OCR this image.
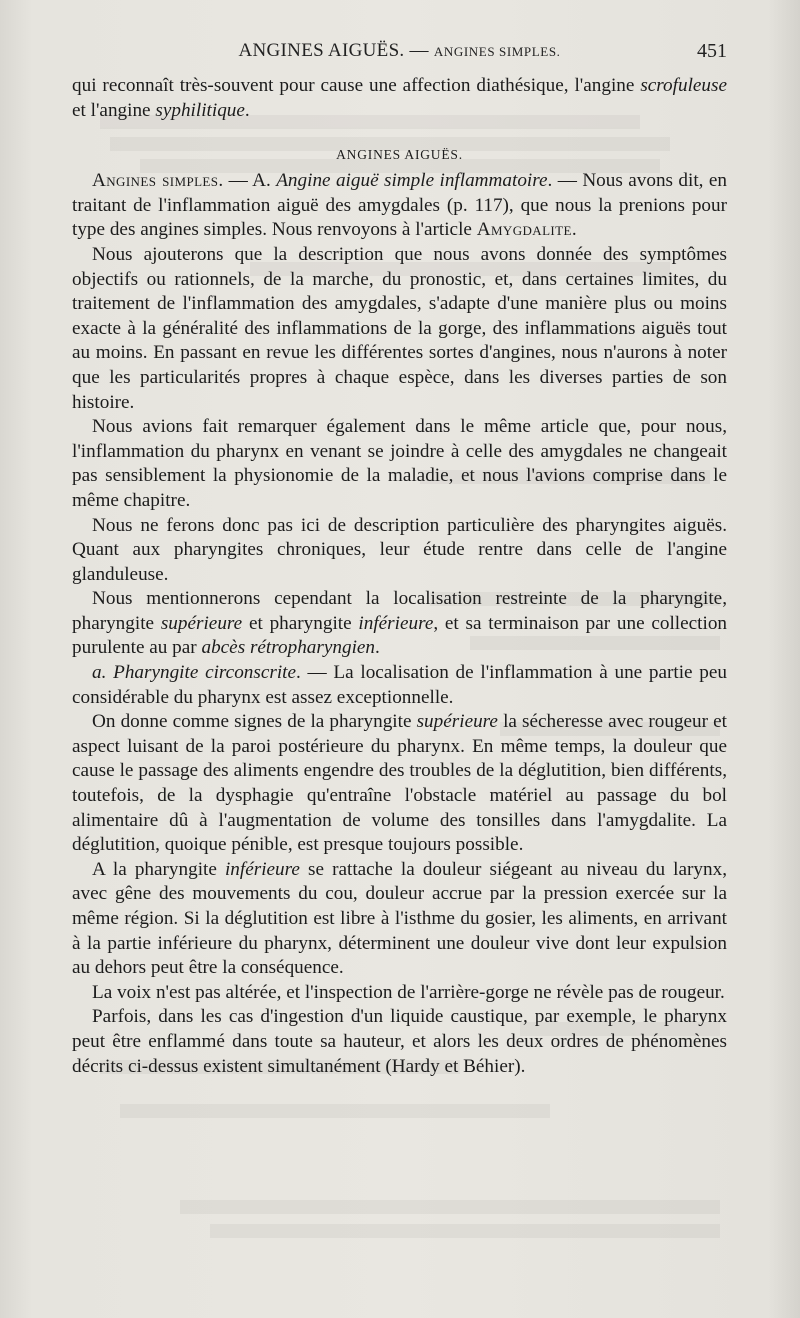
ANGINES AIGUËS. — ANGINES SIMPLES.	451

qui reconnaît très-souvent pour cause une affection diathésique, l'angine scrofuleuse et l'angine syphilitique.

ANGINES AIGUËS.

Angines simples. — A. Angine aiguë simple inflammatoire. — Nous avons dit, en traitant de l'inflammation aiguë des amygdales (p. 117), que nous la prenions pour type des angines simples. Nous renvoyons à l'article Amygdalite.

Nous ajouterons que la description que nous avons donnée des symptômes objectifs ou rationnels, de la marche, du pronostic, et, dans certaines limites, du traitement de l'inflammation des amygdales, s'adapte d'une manière plus ou moins exacte à la généralité des inflammations de la gorge, des inflammations aiguës tout au moins. En passant en revue les différentes sortes d'angines, nous n'aurons à noter que les particularités propres à chaque espèce, dans les diverses parties de son histoire.

Nous avions fait remarquer également dans le même article que, pour nous, l'inflammation du pharynx en venant se joindre à celle des amygdales ne changeait pas sensiblement la physionomie de la maladie, et nous l'avions comprise dans le même chapitre.

Nous ne ferons donc pas ici de description particulière des pharyngites aiguës. Quant aux pharyngites chroniques, leur étude rentre dans celle de l'angine glanduleuse.

Nous mentionnerons cependant la localisation restreinte de la pharyngite, pharyngite supérieure et pharyngite inférieure, et sa terminaison par une collection purulente au par abcès rétropharyngien.

a. Pharyngite circonscrite. — La localisation de l'inflammation à une partie peu considérable du pharynx est assez exceptionnelle.

On donne comme signes de la pharyngite supérieure la sécheresse avec rougeur et aspect luisant de la paroi postérieure du pharynx. En même temps, la douleur que cause le passage des aliments engendre des troubles de la déglutition, bien différents, toutefois, de la dysphagie qu'entraîne l'obstacle matériel au passage du bol alimentaire dû à l'augmentation de volume des tonsilles dans l'amygdalite. La déglutition, quoique pénible, est presque toujours possible.

A la pharyngite inférieure se rattache la douleur siégeant au niveau du larynx, avec gêne des mouvements du cou, douleur accrue par la pression exercée sur la même région. Si la déglutition est libre à l'isthme du gosier, les aliments, en arrivant à la partie inférieure du pharynx, déterminent une douleur vive dont leur expulsion au dehors peut être la conséquence.

La voix n'est pas altérée, et l'inspection de l'arrière-gorge ne révèle pas de rougeur.

Parfois, dans les cas d'ingestion d'un liquide caustique, par exemple, le pharynx peut être enflammé dans toute sa hauteur, et alors les deux ordres de phénomènes décrits ci-dessus existent simultanément (Hardy et Béhier).
